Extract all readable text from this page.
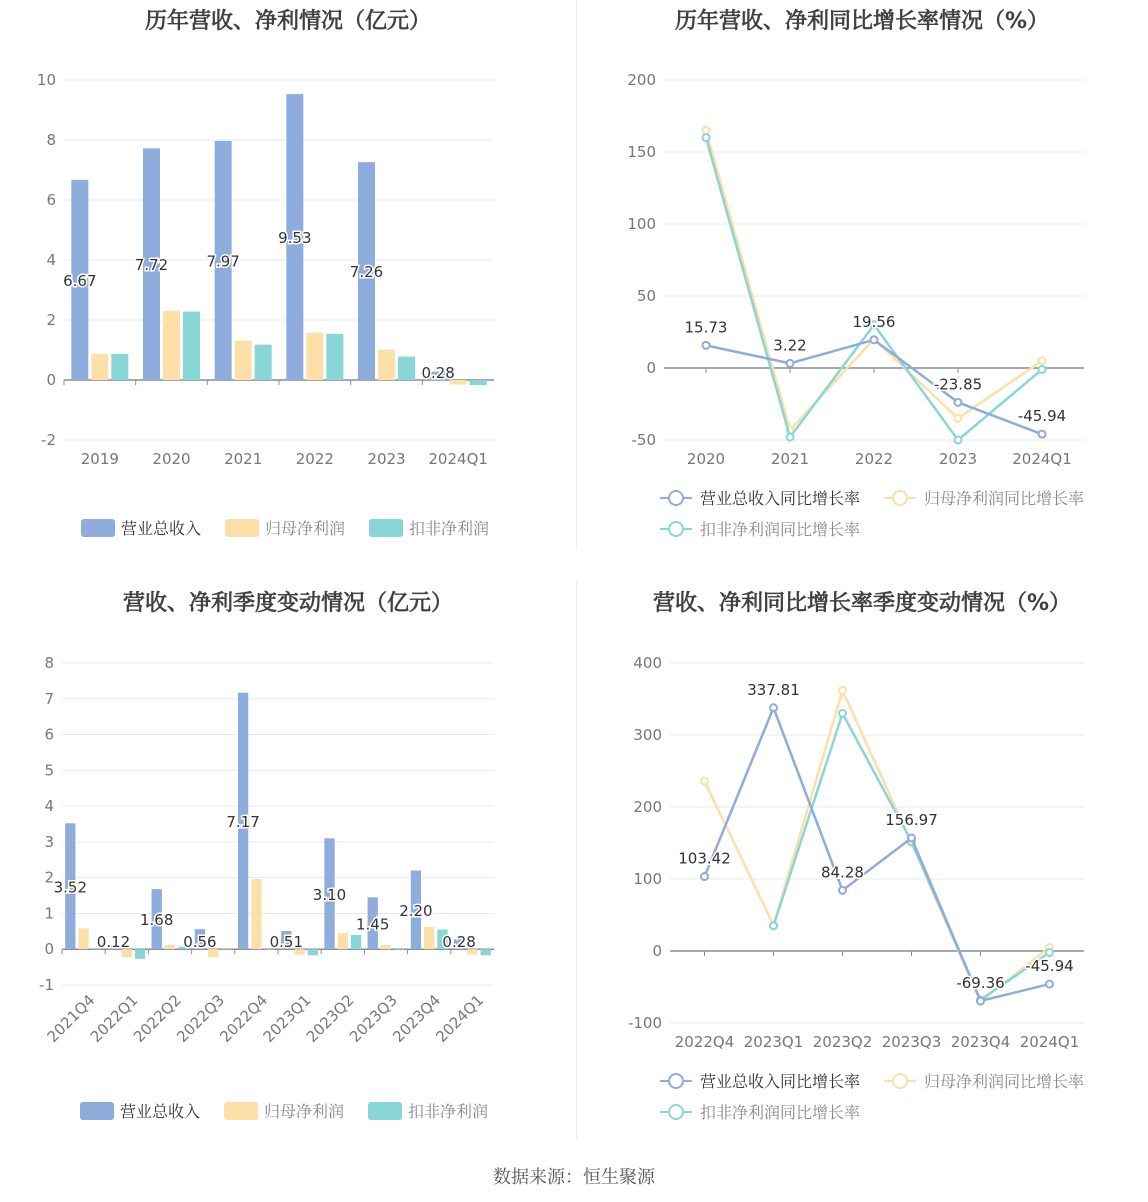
历年营收、净利情况（亿元）
-2
0
2
4
6
8
10
2019
6.67
2020
7.72
2021
7.97
2022
9.53
2023
7.26
2024Q1
0.28
营业总收入	归母净利润	扣非净利润
历年营收、净利同比增长率情况（%）
-50
0
50
100
150
200
2020	2021	2022	2023 2024Q1
15.73
3.22
19.56
-23.85
-45.94
营业总收入同比增长率	归母净利润同比增长率
扣非净利润同比增长率
营收、净利季度变动情况（亿元）
-1
0
1
2
3
4
5
6
7
8
2021Q4
3.52
2022Q1
0.12
2022Q2
1.68
2022Q3
0.56
2022Q4
7.17
2023Q1
0.51
2023Q2
3.10
2023Q3
1.45
2023Q4
2.20
2024Q1
0.28
营业总收入	归母净利润	扣非净利润
营收、净利同比增长率季度变动情况（%）
-100
0
100
200
300
400
2022Q4 2023Q1 2023Q2 2023Q3 2023Q4 2024Q1
103.42
337.81
84.28
156.97
-69.36
-45.94
营业总收入同比增长率	归母净利润同比增长率
扣非净利润同比增长率
数据来源：恒生聚源
